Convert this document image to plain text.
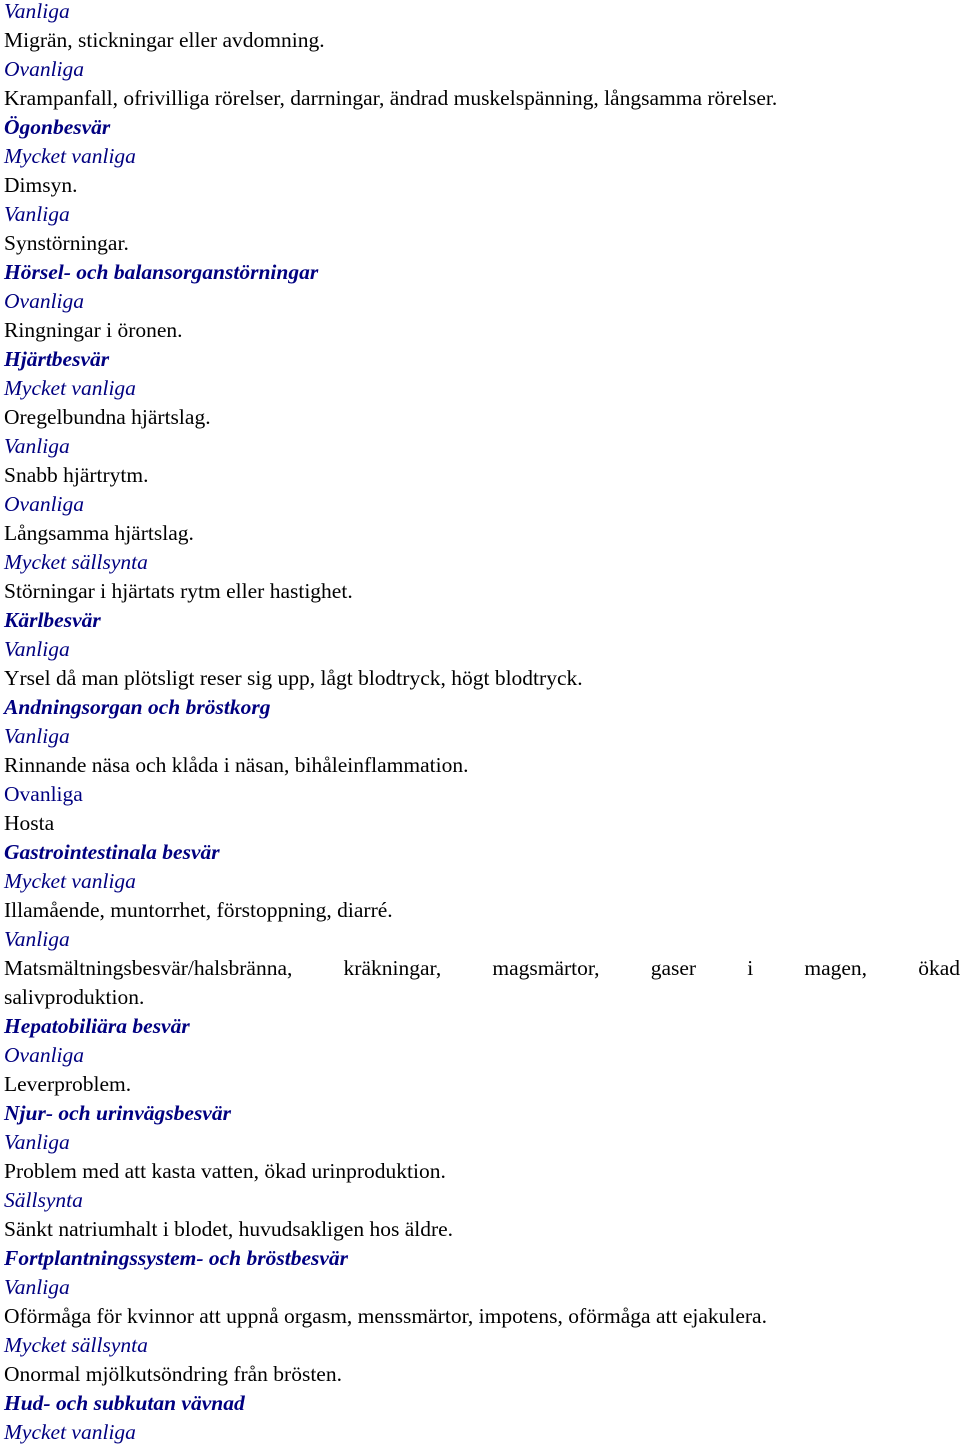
Vanliga
Migrän, stickningar eller avdomning.
Ovanliga
Krampanfall, ofrivilliga rörelser, darrningar, ändrad muskelspänning, långsamma rörelser.
Ögonbesvär
Mycket vanliga
Dimsyn.
Vanliga
Synstörningar.
Hörsel- och balansorganstörningar
Ovanliga
Ringningar i öronen.
Hjärtbesvär
Mycket vanliga
Oregelbundna hjärtslag.
Vanliga
Snabb hjärtrytm.
Ovanliga
Långsamma hjärtslag.
Mycket sällsynta
Störningar i hjärtats rytm eller hastighet.
Kärlbesvär
Vanliga
Yrsel då man plötsligt reser sig upp, lågt blodtryck, högt blodtryck.
Andningsorgan och bröstkorg
Vanliga
Rinnande näsa och klåda i näsan, bihåleinflammation.
Ovanliga
Hosta
Gastrointestinala besvär
Mycket vanliga
Illamående, muntorrhet, förstoppning, diarré.
Vanliga
Matsmältningsbesvär/halsbränna, kräkningar, magsmärtor, gaser i magen, ökad
salivproduktion.
Hepatobiliära besvär
Ovanliga
Leverproblem.
Njur- och urinvägsbesvär
Vanliga
Problem med att kasta vatten, ökad urinproduktion.
Sällsynta
Sänkt natriumhalt i blodet, huvudsakligen hos äldre.
Fortplantningssystem- och bröstbesvär
Vanliga
Oförmåga för kvinnor att uppnå orgasm, menssmärtor, impotens, oförmåga att ejakulera.
Mycket sällsynta
Onormal mjölkutsöndring från brösten.
Hud- och subkutan vävnad
Mycket vanliga
